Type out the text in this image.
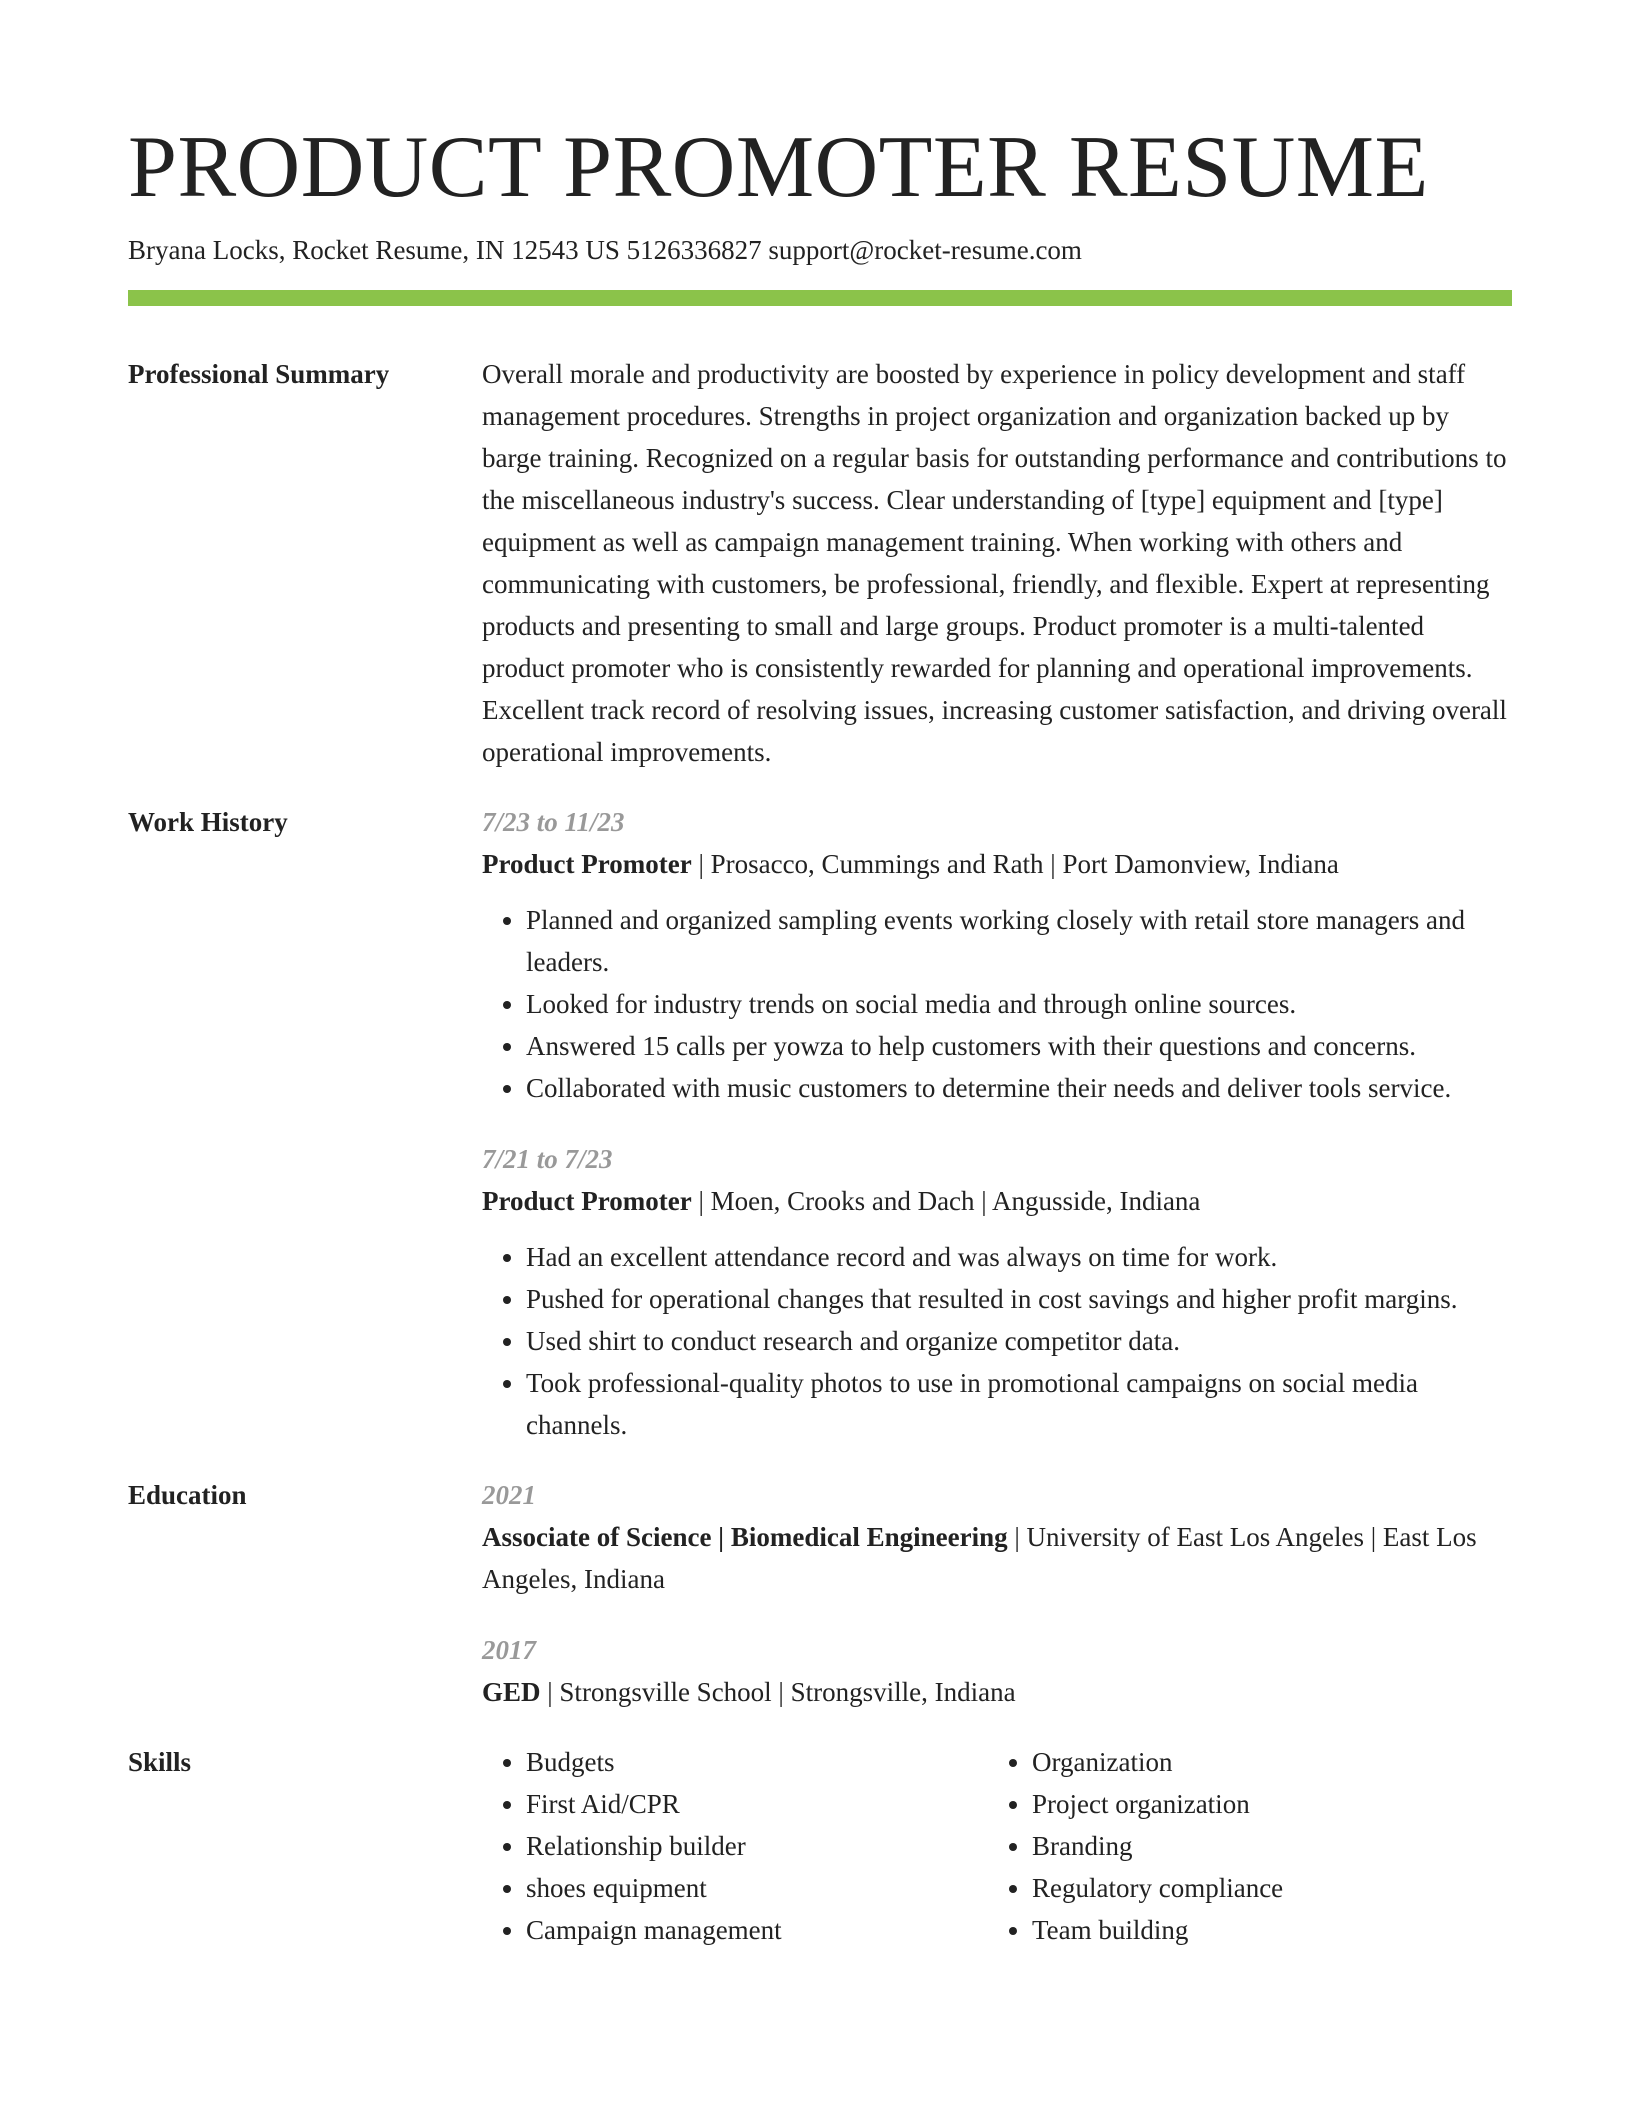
PRODUCT PROMOTER RESUME
Bryana Locks, Rocket Resume, IN 12543 US 5126336827 support@rocket-resume.com
Professional Summary	Overall morale and productivity are boosted by experience in policy development and staff management procedures. Strengths in project organization and organization backed up by barge training. Recognized on a regular basis for outstanding performance and contributions to the miscellaneous industry's success. Clear understanding of [type] equipment and [type] equipment as well as campaign management training. When working with others and communicating with customers, be professional, friendly, and flexible. Expert at representing products and presenting to small and large groups. Product promoter is a multi-talented product promoter who is consistently rewarded for planning and operational improvements. Excellent track record of resolving issues, increasing customer satisfaction, and driving overall operational improvements.
Work History	7/23 to 11/23
Product Promoter | Prosacco, Cummings and Rath | Port Damonview, Indiana
• Planned and organized sampling events working closely with retail store managers and leaders.
• Looked for industry trends on social media and through online sources.
• Answered 15 calls per yowza to help customers with their questions and concerns.
• Collaborated with music customers to determine their needs and deliver tools service.
7/21 to 7/23
Product Promoter | Moen, Crooks and Dach | Angusside, Indiana
• Had an excellent attendance record and was always on time for work.
• Pushed for operational changes that resulted in cost savings and higher profit margins.
• Used shirt to conduct research and organize competitor data.
• Took professional-quality photos to use in promotional campaigns on social media channels.
Education	2021
Associate of Science | Biomedical Engineering | University of East Los Angeles | East Los Angeles, Indiana
2017
GED | Strongsville School | Strongsville, Indiana
Skills
•	Budgets
• First Aid/CPR
• Relationship builder
• shoes equipment
• Campaign management
• Organization
• Project organization
• Branding
• Regulatory compliance
• Team building
